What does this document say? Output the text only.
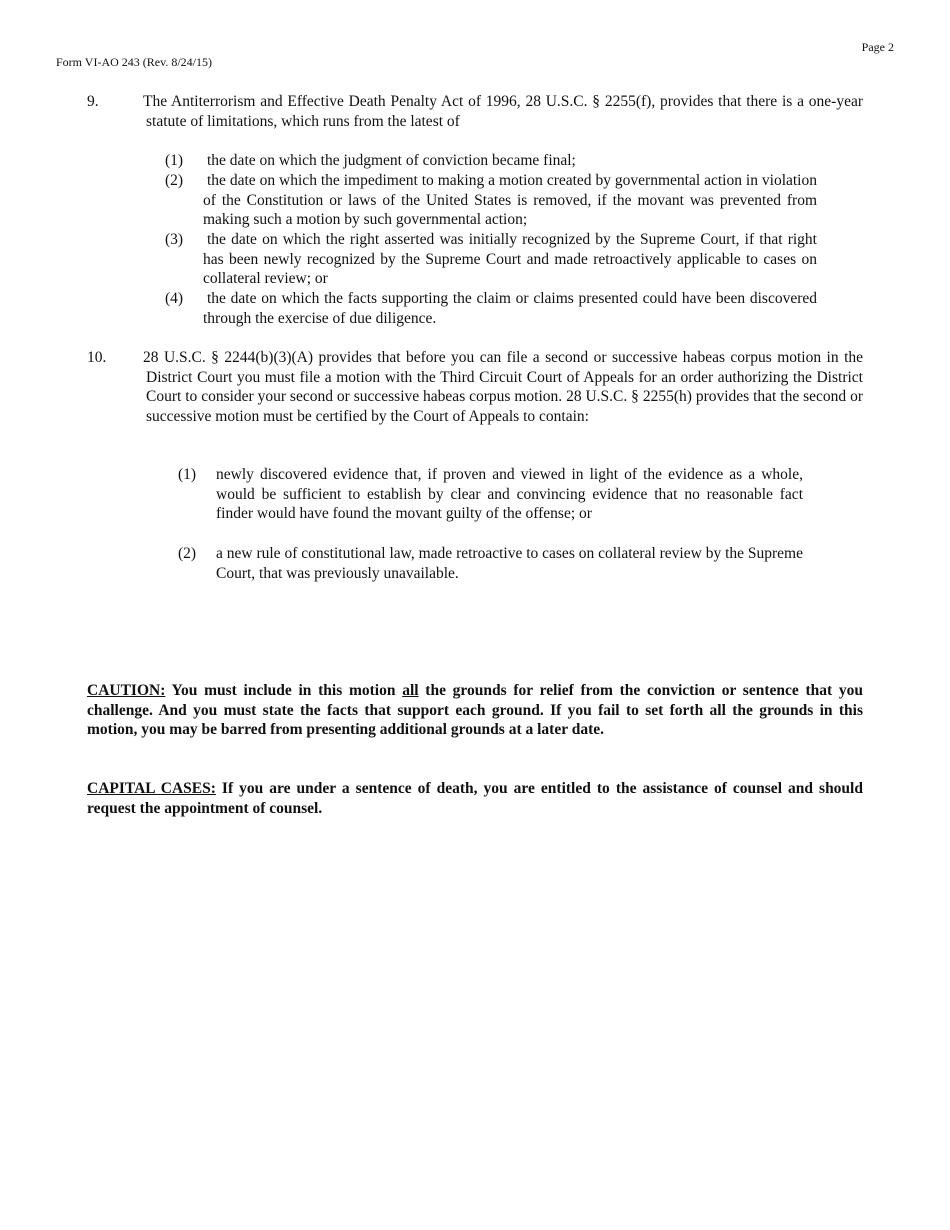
Page 2
Form VI-AO 243 (Rev. 8/24/15)
9.	The Antiterrorism and Effective Death Penalty Act of 1996, 28 U.S.C. § 2255(f), provides that there is a one-year statute of limitations, which runs from the latest of
(1) the date on which the judgment of conviction became final;
(2) the date on which the impediment to making a motion created by governmental action in violation of the Constitution or laws of the United States is removed, if the movant was prevented from making such a motion by such governmental action;
(3) the date on which the right asserted was initially recognized by the Supreme Court, if that right has been newly recognized by the Supreme Court and made retroactively applicable to cases on collateral review; or
(4) the date on which the facts supporting the claim or claims presented could have been discovered through the exercise of due diligence.
10. 28 U.S.C. § 2244(b)(3)(A) provides that before you can file a second or successive habeas corpus motion in the District Court you must file a motion with the Third Circuit Court of Appeals for an order authorizing the District Court to consider your second or successive habeas corpus motion. 28 U.S.C. § 2255(h) provides that the second or successive motion must be certified by the Court of Appeals to contain:
(1) newly discovered evidence that, if proven and viewed in light of the evidence as a whole, would be sufficient to establish by clear and convincing evidence that no reasonable fact finder would have found the movant guilty of the offense; or
(2) a new rule of constitutional law, made retroactive to cases on collateral review by the Supreme Court, that was previously unavailable.
CAUTION: You must include in this motion all the grounds for relief from the conviction or sentence that you challenge. And you must state the facts that support each ground. If you fail to set forth all the grounds in this motion, you may be barred from presenting additional grounds at a later date.
CAPITAL CASES: If you are under a sentence of death, you are entitled to the assistance of counsel and should request the appointment of counsel.
